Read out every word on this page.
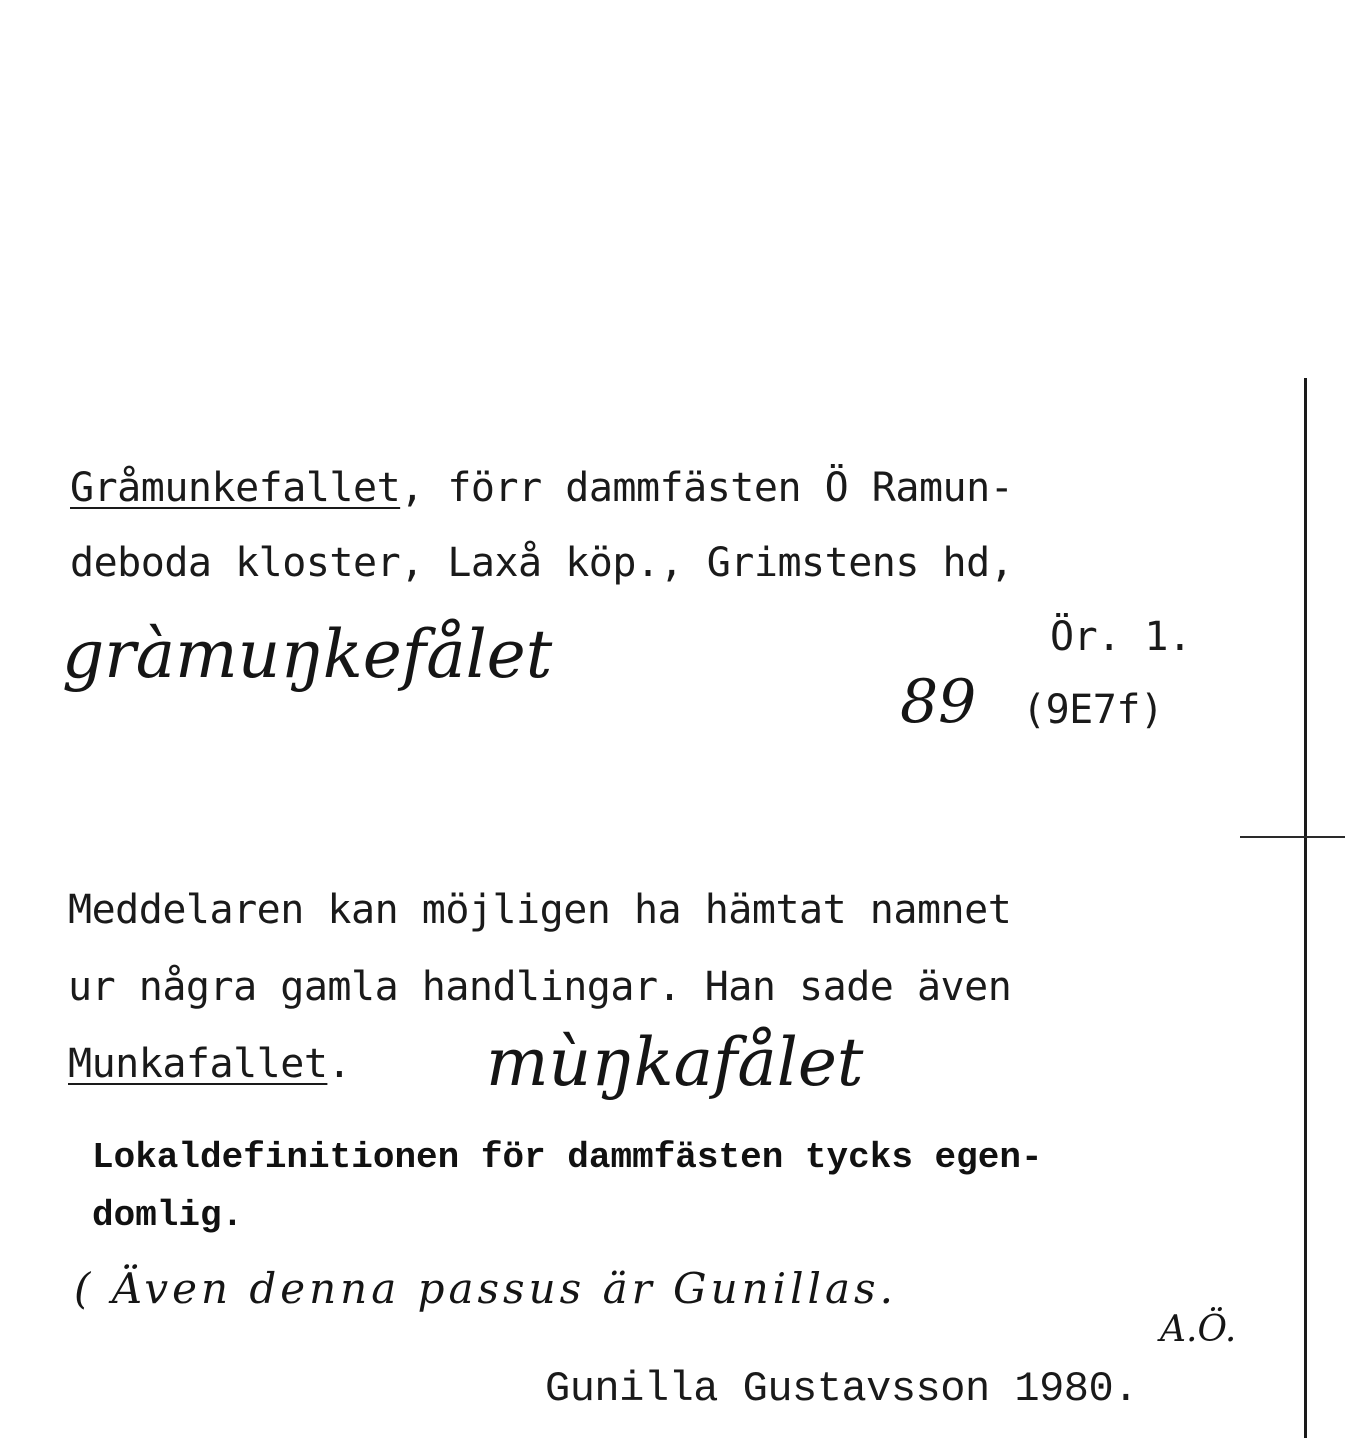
Gråmunkefallet, förr dammfästen Ö Ramun-
deboda kloster, Laxå köp., Grimstens hd,
gràmuŋkefålet	Ör. 1.
89 (9E7f)
Meddelaren kan möjligen ha hämtat namnet
ur några gamla handlingar. Han sade även
Munkafallet. mùŋkafålet
Lokaldefinitionen för dammfästen tycks egen-
domlig.
( Även denna passus är Gunillas.
A.Ö.
Gunilla Gustavsson 1980.
